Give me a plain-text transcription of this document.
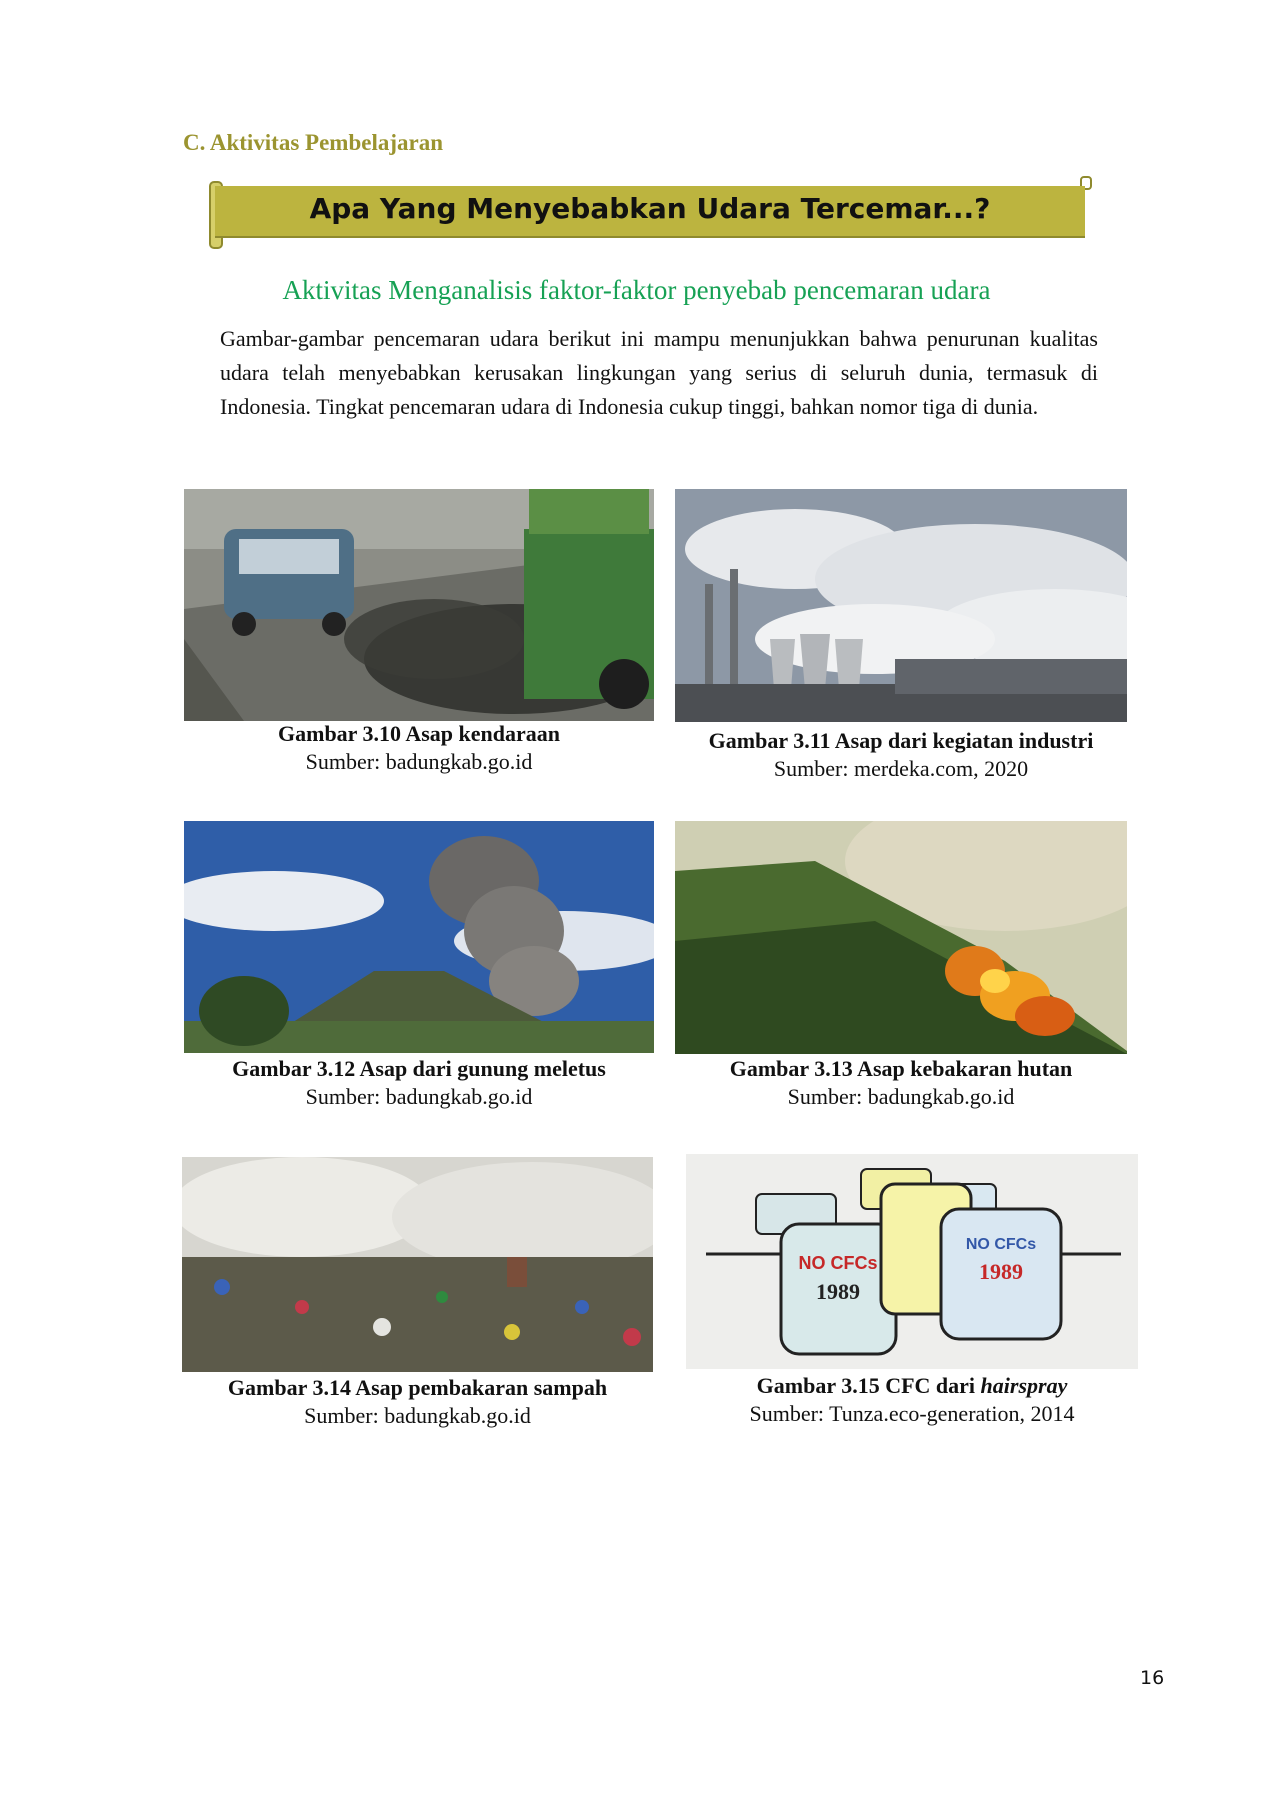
C. Aktivitas Pembelajaran
Apa Yang Menyebabkan Udara Tercemar...?
Aktivitas Menganalisis faktor-faktor penyebab pencemaran udara
Gambar-gambar pencemaran udara berikut ini mampu menunjukkan bahwa penurunan kualitas udara telah menyebabkan kerusakan lingkungan yang serius di seluruh dunia, termasuk di Indonesia. Tingkat pencemaran udara di Indonesia cukup tinggi, bahkan nomor tiga di dunia.
Gambar 3.10 Asap kendaraan
Sumber: badungkab.go.id
Gambar 3.11 Asap dari kegiatan industri
Sumber: merdeka.com, 2020
Gambar 3.12 Asap dari gunung meletus
Sumber: badungkab.go.id
Gambar 3.13 Asap kebakaran hutan
Sumber: badungkab.go.id
Gambar 3.14 Asap pembakaran sampah
Sumber: badungkab.go.id
NO CFCs
1989
NO CFCs
1989
Gambar 3.15 CFC dari hairspray
Sumber: Tunza.eco-generation, 2014
16
